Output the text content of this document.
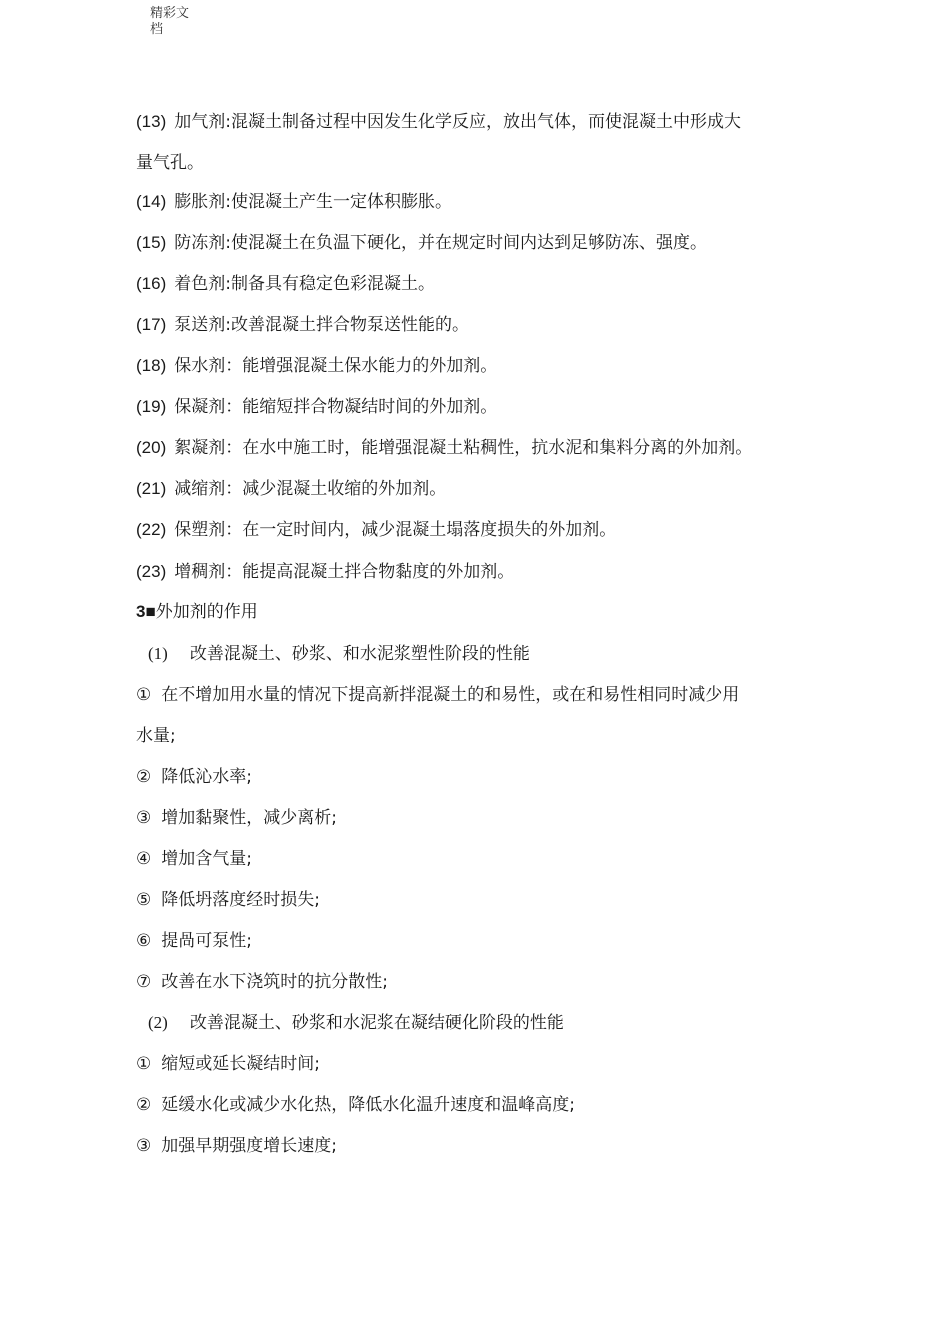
精彩文
档
(13) 加气剂:混凝土制备过程中因发生化学反应，放出气体，而使混凝土中形成大
量气孔。
(14) 膨胀剂:使混凝土产生一定体积膨胀。
(15) 防冻剂:使混凝土在负温下硬化，并在规定时间内达到足够防冻、强度。
(16) 着色剂:制备具有稳定色彩混凝土。
(17) 泵送剂:改善混凝土拌合物泵送性能的。
(18) 保水剂：能增强混凝土保水能力的外加剂。
(19) 保凝剂：能缩短拌合物凝结时间的外加剂。
(20) 絮凝剂：在水中施工时，能增强混凝土粘稠性，抗水泥和集料分离的外加剂。
(21) 减缩剂：减少混凝土收缩的外加剂。
(22) 保塑剂：在一定时间内，减少混凝土塌落度损失的外加剂。
(23) 增稠剂：能提高混凝土拌合物黏度的外加剂。
3■外加剂的作用
(1) 改善混凝土、砂浆、和水泥浆塑性阶段的性能
① 在不增加用水量的情况下提高新拌混凝土的和易性，或在和易性相同时减少用
水量;
② 降低沁水率;
③ 增加黏聚性，减少离析;
④ 增加含气量;
⑤ 降低坍落度经时损失;
⑥ 提咼可泵性;
⑦ 改善在水下浇筑时的抗分散性;
(2) 改善混凝土、砂浆和水泥浆在凝结硬化阶段的性能
① 缩短或延长凝结时间;
② 延缓水化或减少水化热，降低水化温升速度和温峰高度;
③ 加强早期强度增长速度;
